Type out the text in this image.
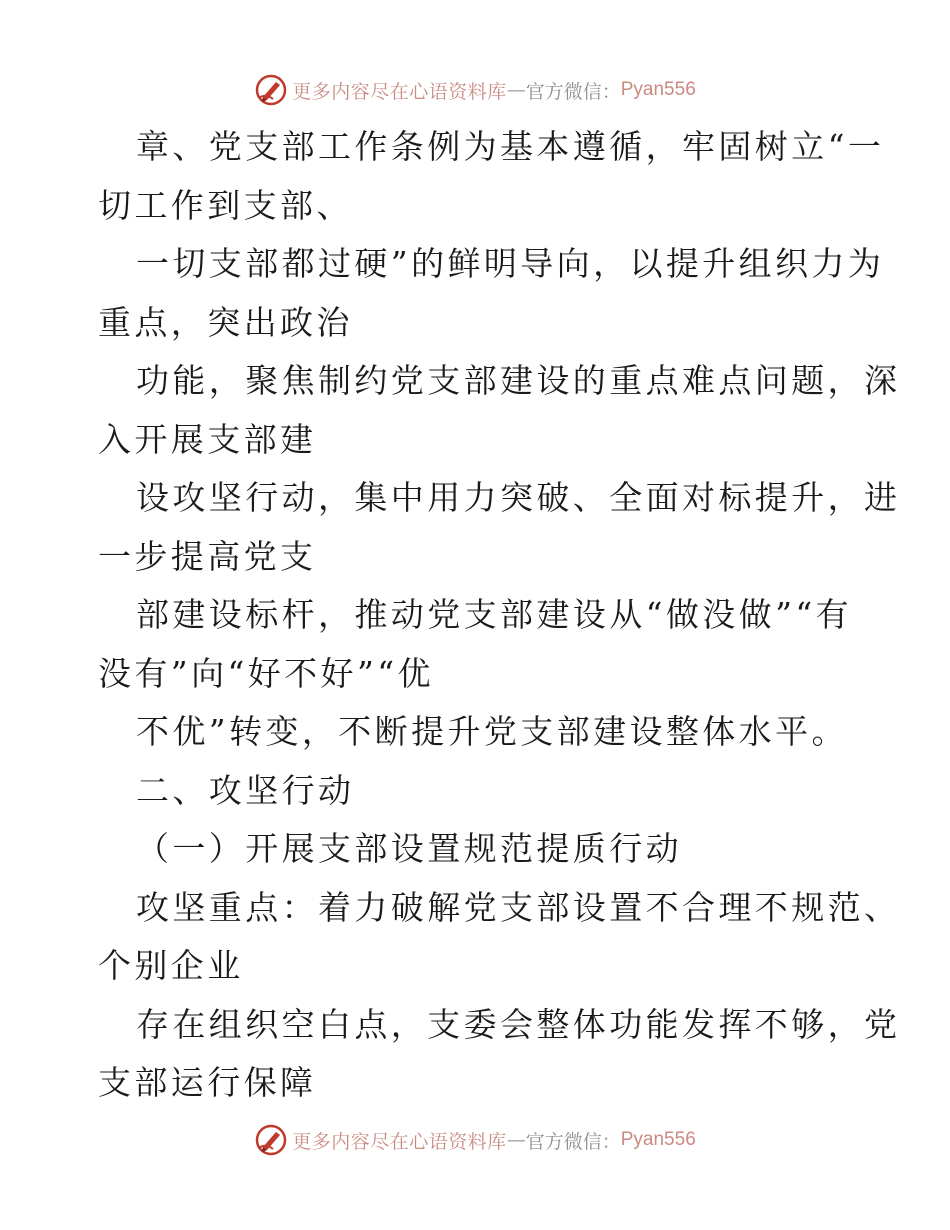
更多内容尽在心语资料库 — 官方微信： Pyan556
章、党支部工作条例为基本遵循，牢固树立“一
切工作到支部、
一切支部都过硬”的鲜明导向，以提升组织力为
重点，突出政治
功能，聚焦制约党支部建设的重点难点问题，深
入开展支部建
设攻坚行动，集中用力突破、全面对标提升，进
一步提高党支
部建设标杆，推动党支部建设从“做没做”“有
没有”向“好不好”“优
不优”转变，不断提升党支部建设整体水平。
二、攻坚行动
（一）开展支部设置规范提质行动
攻坚重点：着力破解党支部设置不合理不规范、
个别企业
存在组织空白点，支委会整体功能发挥不够，党
支部运行保障
更多内容尽在心语资料库 — 官方微信： Pyan556
